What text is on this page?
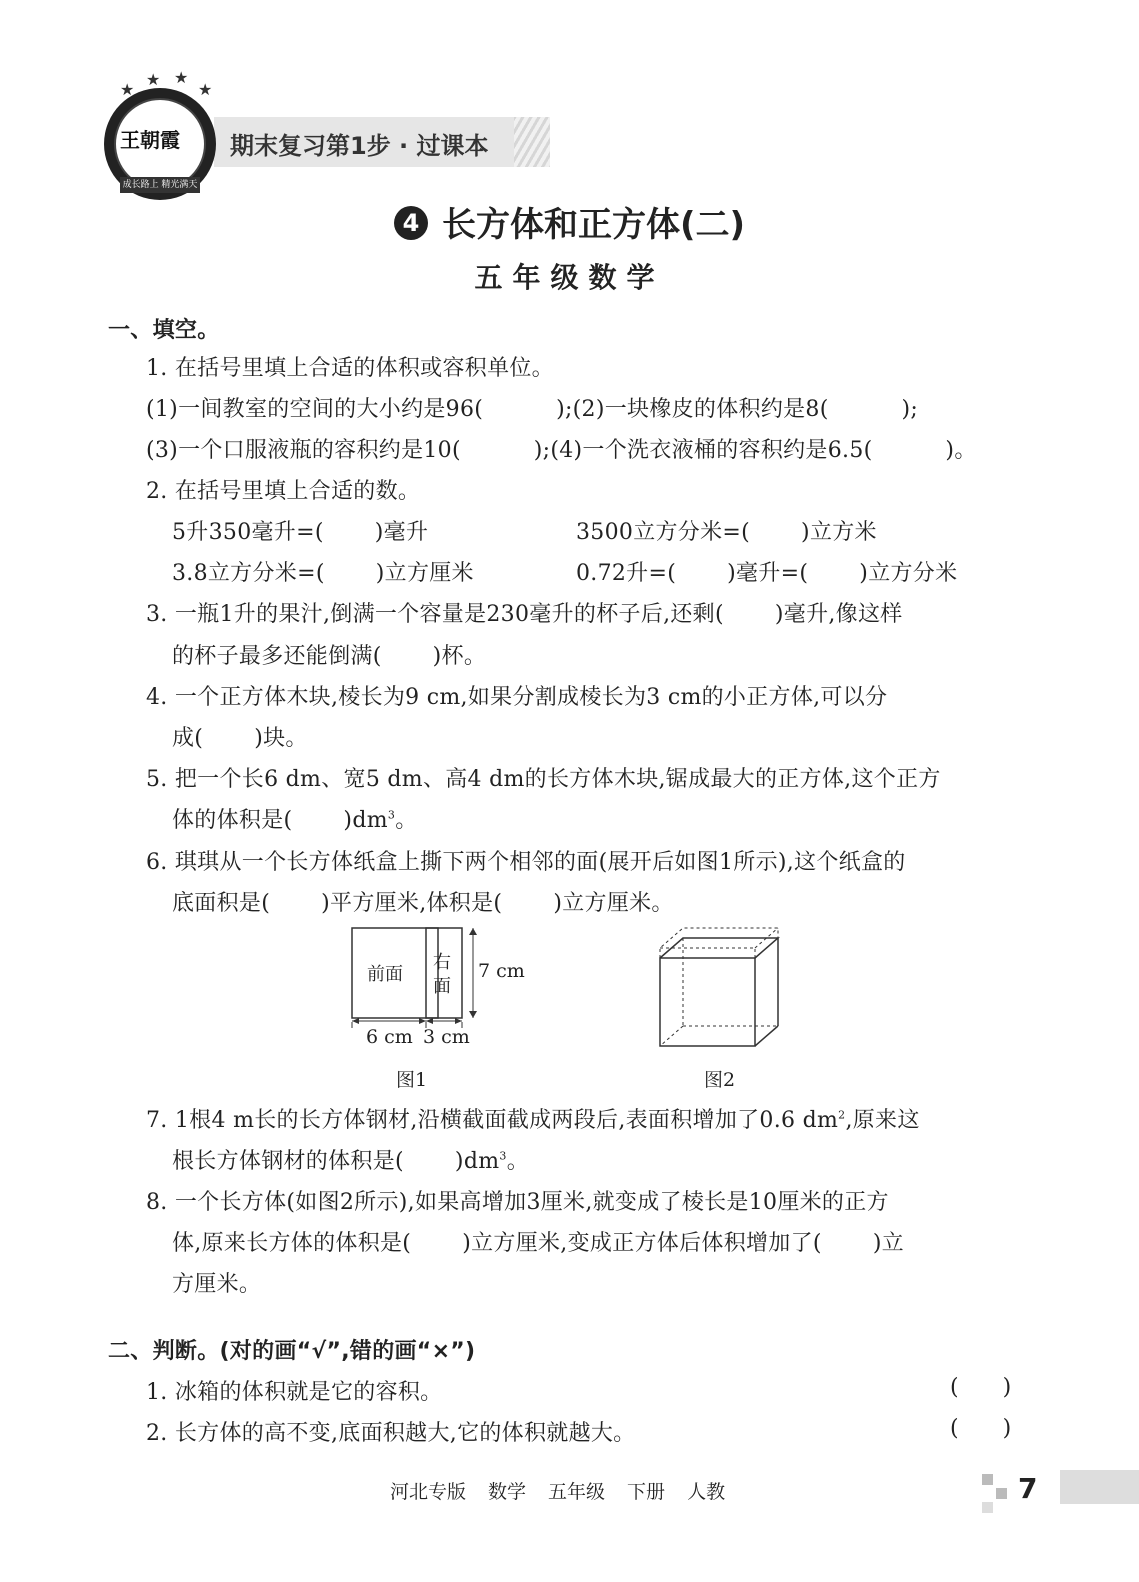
期末复习第1步 · 过课本
王朝霞
★
★ ★
★
成长路上 精光满天
4 长方体和正方体(二)
五年级数学
一、填空。
1. 在括号里填上合适的体积或容积单位。
(1)一间教室的空间的大小约是96(          );(2)一块橡皮的体积约是8(          );
(3)一个口服液瓶的容积约是10(          );(4)一个洗衣液桶的容积约是6.5(          )。
2. 在括号里填上合适的数。
5升350毫升=(       )毫升	3500立方分米=(       )立方米
3.8立方分米=(       )立方厘米	0.72升=(       )毫升=(       )立方分米
3. 一瓶1升的果汁,倒满一个容量是230毫升的杯子后,还剩(       )毫升,像这样
的杯子最多还能倒满(       )杯。
4. 一个正方体木块,棱长为9 cm,如果分割成棱长为3 cm的小正方体,可以分
成(       )块。
5. 把一个长6 dm、宽5 dm、高4 dm的长方体木块,锯成最大的正方体,这个正方
体的体积是(       )$dm^3$。
6. 琪琪从一个长方体纸盒上撕下两个相邻的面(展开后如图1所示),这个纸盒的
底面积是(       )平方厘米,体积是(       )立方厘米。
前面
右
面
7 cm
6 cm 3 cm
图1	图2
7. 1根4 m长的长方体钢材,沿横截面截成两段后,表面积增加了0.6 $dm^2$,原来这
根长方体钢材的体积是(       )$dm^3$。
8. 一个长方体(如图2所示),如果高增加3厘米,就变成了棱长是10厘米的正方
体,原来长方体的体积是(       )立方厘米,变成正方体后体积增加了(       )立
方厘米。
二、判断。(对的画“√”,错的画“×”)
1. 冰箱的体积就是它的容积。	(      )
2. 长方体的高不变,底面积越大,它的体积就越大。	(      )
河北专版 数学 五年级 下册 人教	7
